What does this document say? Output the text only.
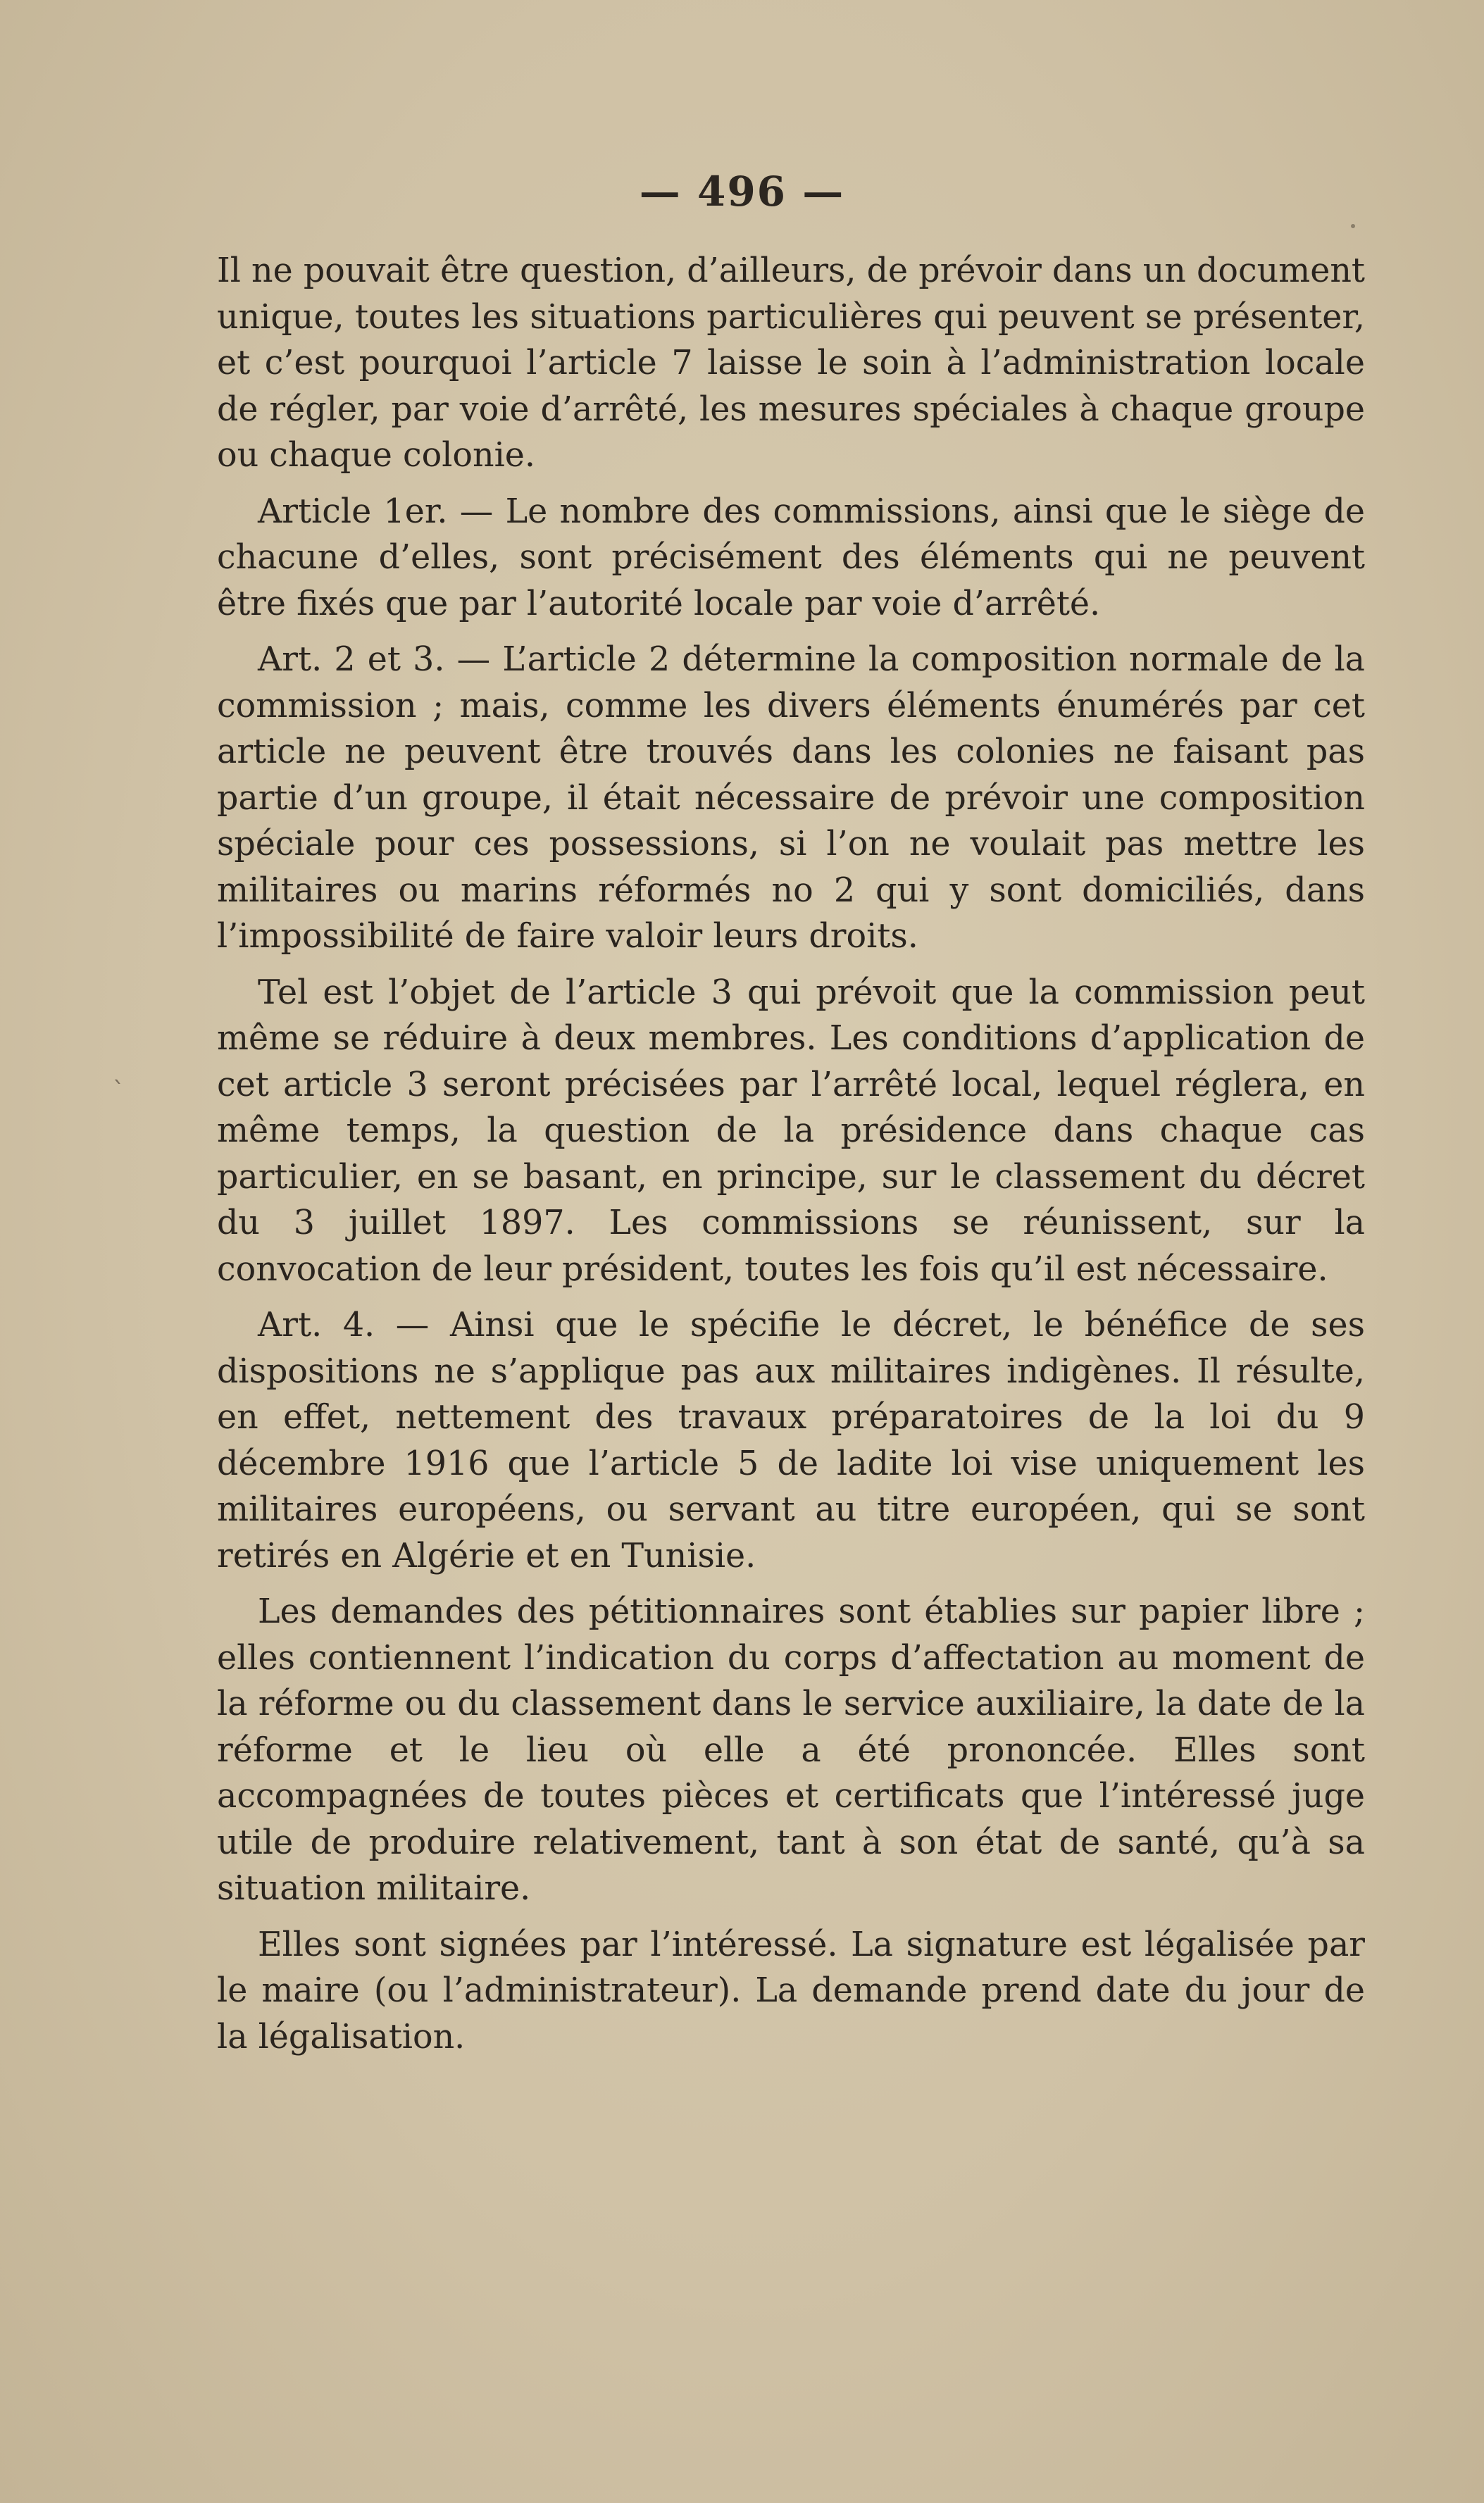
— 496 —
ˎ

Il ne pouvait être question, d’ailleurs, de prévoir dans un document unique, toutes les situations particulières qui peuvent se présenter, et c’est pourquoi l’article 7 laisse le soin à l’administration locale de régler, par voie d’arrêté, les mesures spéciales à chaque groupe ou chaque colonie.

Article 1er. — Le nombre des commissions, ainsi que le siège de chacune d’elles, sont précisément des éléments qui ne peuvent être fixés que par l’autorité locale par voie d’arrêté.

Art. 2 et 3. — L’article 2 détermine la composition normale de la commission ; mais, comme les divers éléments énumérés par cet article ne peuvent être trouvés dans les colonies ne faisant pas partie d’un groupe, il était nécessaire de prévoir une composition spéciale pour ces possessions, si l’on ne voulait pas mettre les militaires ou marins réformés no 2 qui y sont domiciliés, dans l’impossibilité de faire valoir leurs droits.

Tel est l’objet de l’article 3 qui prévoit que la commission peut même se réduire à deux membres. Les conditions d’application de cet article 3 seront précisées par l’arrêté local, lequel réglera, en même temps, la question de la présidence dans chaque cas particulier, en se basant, en principe, sur le classement du décret du 3 juillet 1897. Les commissions se réunissent, sur la convocation de leur président, toutes les fois qu’il est nécessaire.

Art. 4. — Ainsi que le spécifie le décret, le bénéfice de ses dispositions ne s’applique pas aux militaires indigènes. Il résulte, en effet, nettement des travaux préparatoires de la loi du 9 décembre 1916 que l’article 5 de ladite loi vise uniquement les militaires européens, ou servant au titre européen, qui se sont retirés en Algérie et en Tunisie.

Les demandes des pétitionnaires sont établies sur papier libre ; elles contiennent l’indication du corps d’affectation au moment de la réforme ou du classement dans le service auxiliaire, la date de la réforme et le lieu où elle a été prononcée. Elles sont accompagnées de toutes pièces et certificats que l’intéressé juge utile de produire relativement, tant à son état de santé, qu’à sa situation militaire.

Elles sont signées par l’intéressé. La signature est légalisée par le maire (ou l’administrateur). La demande prend date du jour de la légalisation.
